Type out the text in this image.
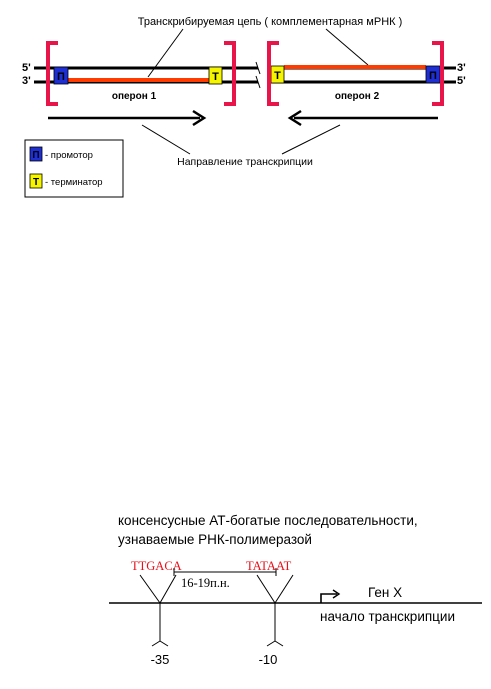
Транскрибируемая цепь ( комплементарная мРНК )
5'
3'
3'
5'
П	Т	Т	П
оперон 1	оперон 2
Направление транскрипции
П - промотор
Т - терминатор
консенсусные АТ-богатые последовательности,
узнаваемые РНК-полимеразой
TTGACA	TATAAT
16-19п.н.
-35	-10
Ген Х
начало транскрипции
